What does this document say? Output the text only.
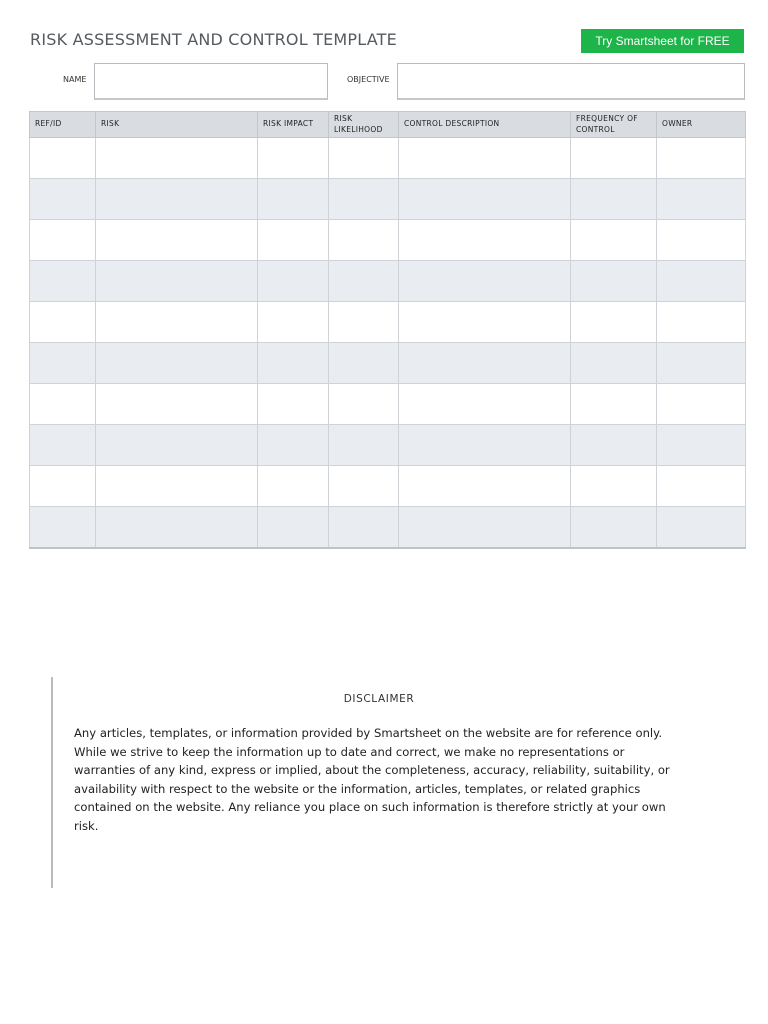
RISK ASSESSMENT AND CONTROL TEMPLATE	Try Smartsheet for FREE
NAME	OBJECTIVE
REF/ID	RISK	RISK IMPACT	RISK LIKELIHOOD	CONTROL DESCRIPTION	FREQUENCY OF CONTROL	OWNER

DISCLAIMER
Any articles, templates, or information provided by Smartsheet on the website are for reference only. While we strive to keep the information up to date and correct, we make no representations or warranties of any kind, express or implied, about the completeness, accuracy, reliability, suitability, or availability with respect to the website or the information, articles, templates, or related graphics contained on the website. Any reliance you place on such information is therefore strictly at your own risk.
